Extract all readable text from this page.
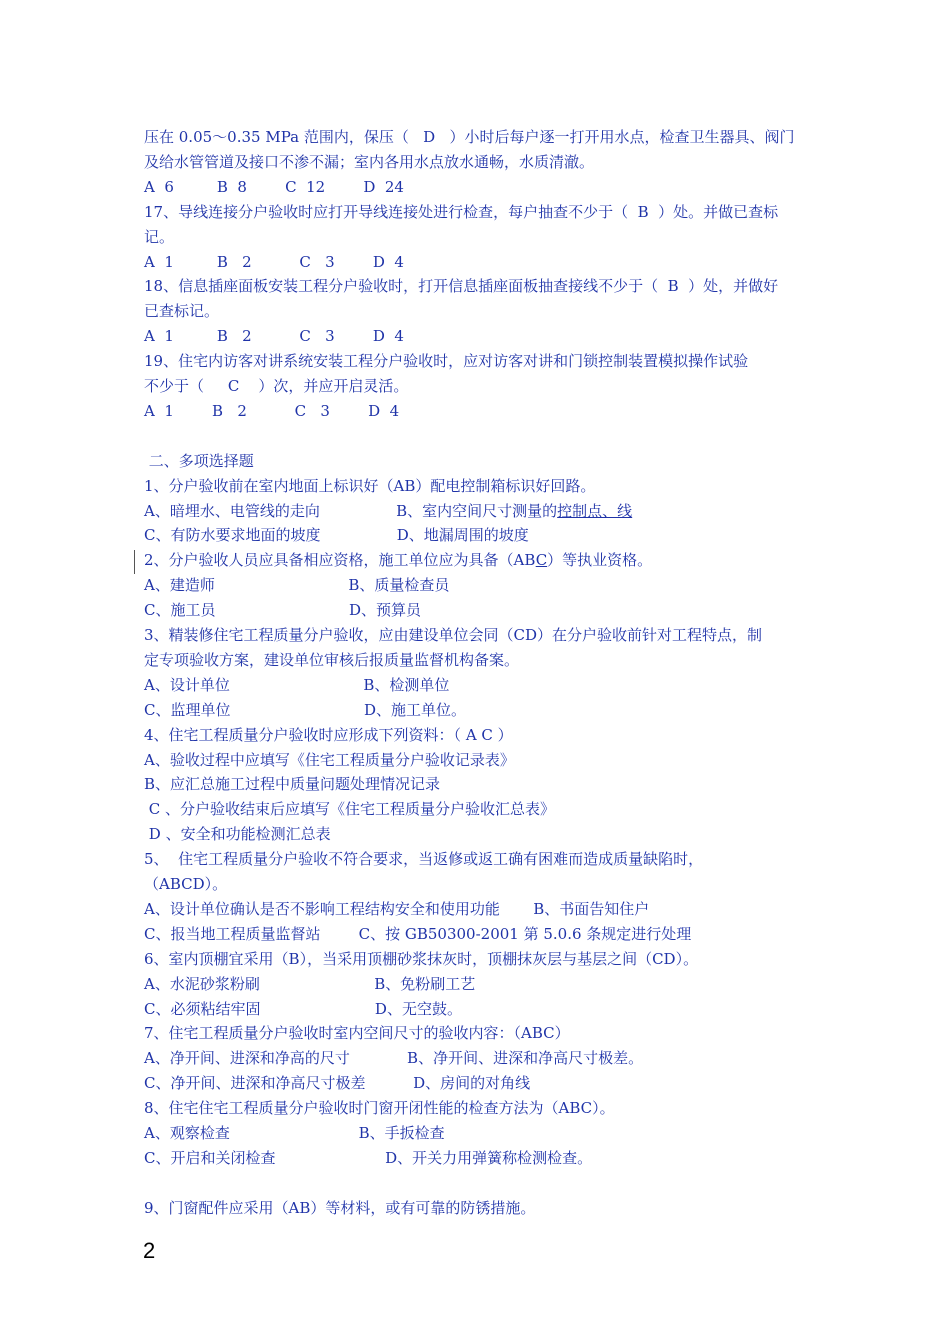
压在 0.05～0.35 MPa 范围内，保压（   D   ）小时后每户逐一打开用水点，检查卫生器具、阀门
及给水管管道及接口不渗不漏；室内各用水点放水通畅，水质清澈。
A  6         B  8        C  12        D  24
17、导线连接分户验收时应打开导线连接处进行检查，每户抽查不少于（  B  ）处。并做已查标
记。
A  1         B   2          C   3        D  4
18、信息插座面板安装工程分户验收时，打开信息插座面板抽查接线不少于（  B  ）处，并做好
已查标记。
A  1         B   2          C   3        D  4
19、住宅内访客对讲系统安装工程分户验收时，应对访客对讲和门锁控制装置模拟操作试验
不少于（     C    ）次，并应开启灵活。
A  1        B   2          C   3        D  4
二、多项选择题
1、分户验收前在室内地面上标识好（AB）配电控制箱标识好回路。
A、暗埋水、电管线的走向                B、室内空间尺寸测量的控制点、线
C、有防水要求地面的坡度                D、地漏周围的坡度
2、分户验收人员应具备相应资格，施工单位应为具备（ABC）等执业资格。
A、建造师                            B、质量检查员
C、施工员                            D、预算员
3、精装修住宅工程质量分户验收，应由建设单位会同（CD）在分户验收前针对工程特点，制
定专项验收方案，建设单位审核后报质量监督机构备案。
A、设计单位                            B、检测单位
C、监理单位                            D、施工单位。
4、住宅工程质量分户验收时应形成下列资料：（ A C ）
A、验收过程中应填写《住宅工程质量分户验收记录表》
B、应汇总施工过程中质量问题处理情况记录
C 、分户验收结束后应填写《住宅工程质量分户验收汇总表》
D 、安全和功能检测汇总表
5、  住宅工程质量分户验收不符合要求，当返修或返工确有困难而造成质量缺陷时，
（ABCD）。
A、设计单位确认是否不影响工程结构安全和使用功能       B、书面告知住户
C、报当地工程质量监督站        C、按 GB50300-2001 第 5.0.6 条规定进行处理
6、室内顶棚宜采用（B），当采用顶棚砂浆抹灰时，顶棚抹灰层与基层之间（CD）。
A、水泥砂浆粉刷                        B、免粉刷工艺
C、必须粘结牢固                        D、无空鼓。
7、住宅工程质量分户验收时室内空间尺寸的验收内容：（ABC）
A、净开间、进深和净高的尺寸            B、净开间、进深和净高尺寸极差。
C、净开间、进深和净高尺寸极差          D、房间的对角线
8、住宅住宅工程质量分户验收时门窗开闭性能的检查方法为（ABC）。
A、观察检查                           B、手扳检查
C、开启和关闭检查                       D、开关力用弹簧称检测检查。
9、门窗配件应采用（AB）等材料，或有可靠的防锈措施。
2
